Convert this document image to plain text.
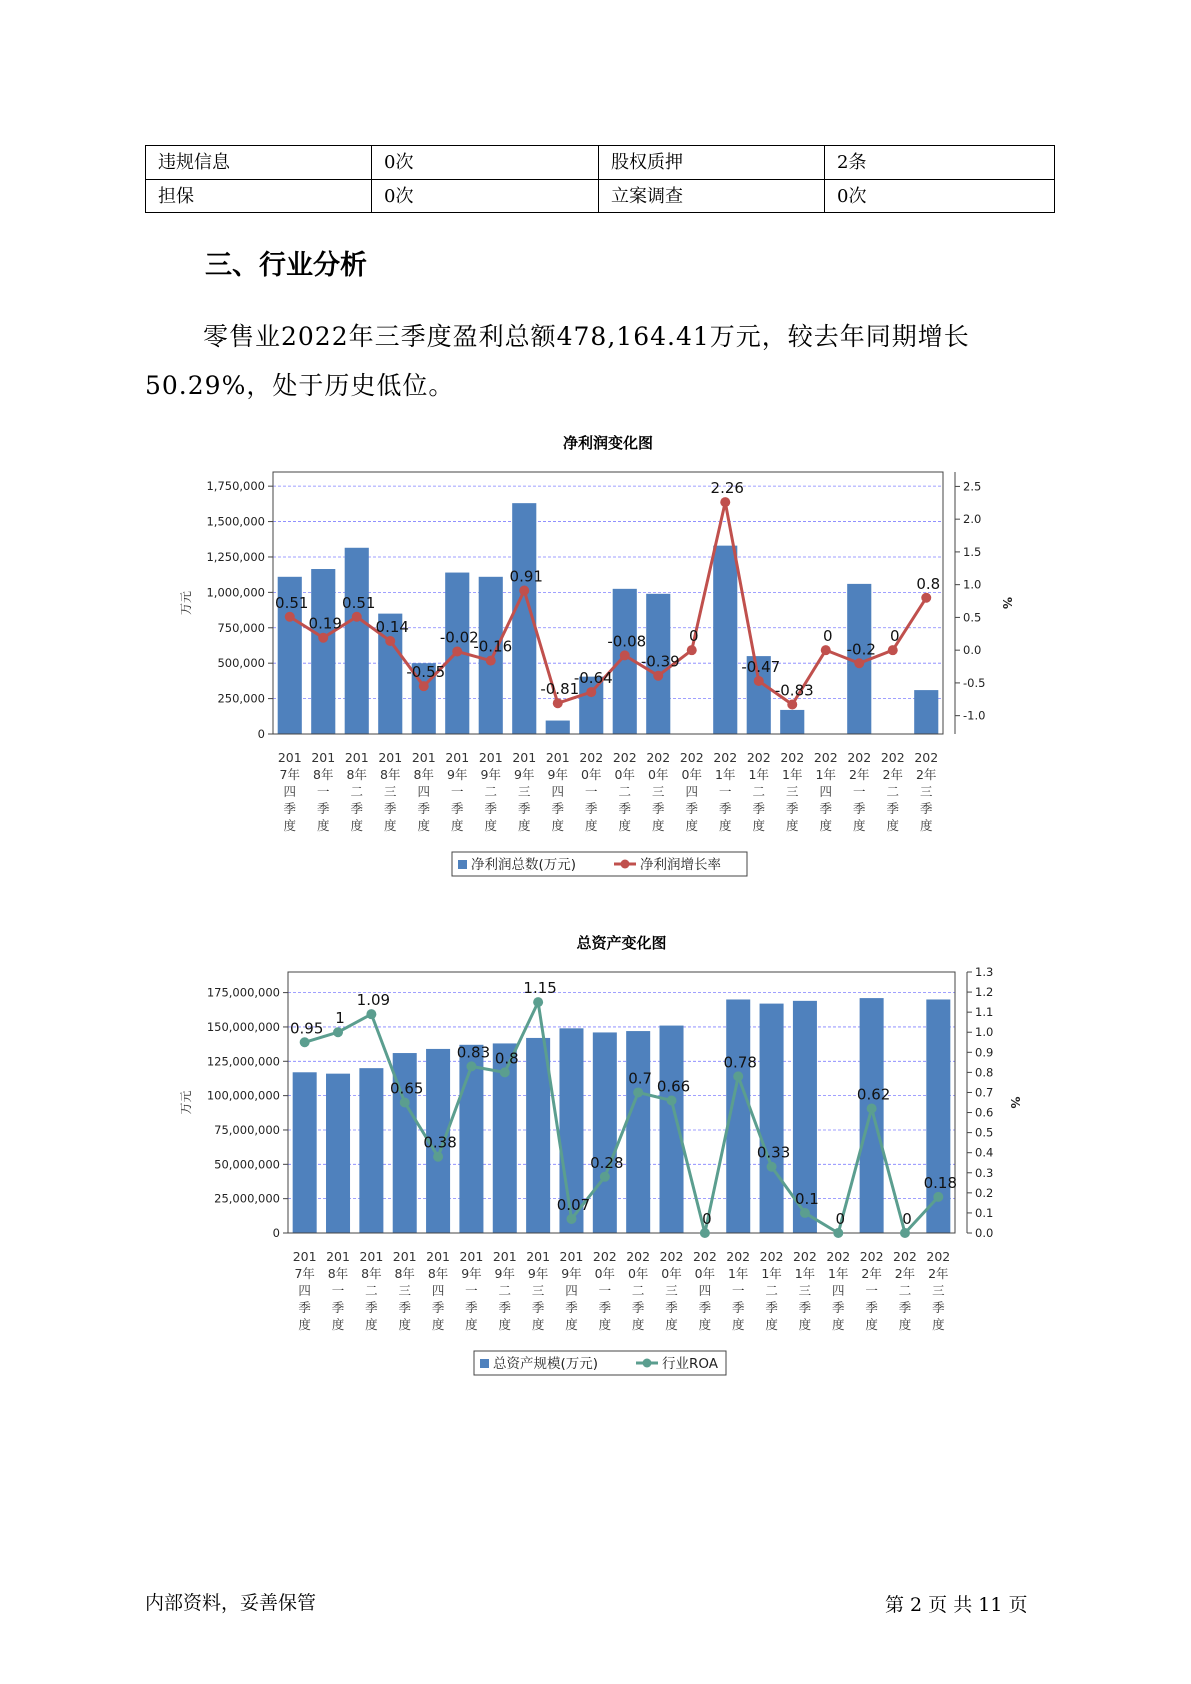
违规信息	0次	股权质押	2条
担保	0次	立案调查	0次
三、行业分析

零售业2022年三季度盈利总额478,164.41万元，较去年同期增长50.29%，处于历史低位。

净利润变化图
0
250,000
500,000
750,000
1,000,000
1,250,000
1,500,000
1,750,000
-1.0
-0.5
0.0
0.5
1.0
1.5
2.0
2.5
万元	%
201
7年
四
季
度
201
8年
一
季
度
201
8年
二
季
度
201
8年
三
季
度
201
8年
四
季
度
201
9年
一
季
度
201
9年
二
季
度
201
9年
三
季
度
201
9年
四
季
度
202
0年
一
季
度
202
0年
二
季
度
202
0年
三
季
度
202
0年
四
季
度
202
1年
一
季
度
202
1年
二
季
度
202
1年
三
季
度
202
1年
四
季
度
202
2年
一
季
度
202
2年
二
季
度
202
2年
三
季
度
0.51
0.19
0.51
0.14
-0.55
-0.02
-0.16
0.91
-0.81
-0.64
-0.08
-0.39
0
2.26
-0.47
-0.83
0
-0.2
0
0.8
净利润总数(万元)	净利润增长率
总资产变化图
0
25,000,000
50,000,000
75,000,000
100,000,000
125,000,000
150,000,000
175,000,000
0.0
0.1
0.2
0.3
0.4
0.5
0.6
0.7
0.8
0.9
1.0
1.1
1.2
1.3
万元	%
201
7年
四
季
度
201
8年
一
季
度
201
8年
二
季
度
201
8年
三
季
度
201
8年
四
季
度
201
9年
一
季
度
201
9年
二
季
度
201
9年
三
季
度
201
9年
四
季
度
202
0年
一
季
度
202
0年
二
季
度
202
0年
三
季
度
202
0年
四
季
度
202
1年
一
季
度
202
1年
二
季
度
202
1年
三
季
度
202
1年
四
季
度
202
2年
一
季
度
202
2年
二
季
度
202
2年
三
季
度
0.95
1
1.09
0.65
0.38
0.83 0.8
1.15
0.07
0.28
0.7 0.66
0
0.78
0.33
0.1
0
0.62
0
0.18
总资产规模(万元)	行业ROA
内部资料，妥善保管	第 2 页 共 11 页
